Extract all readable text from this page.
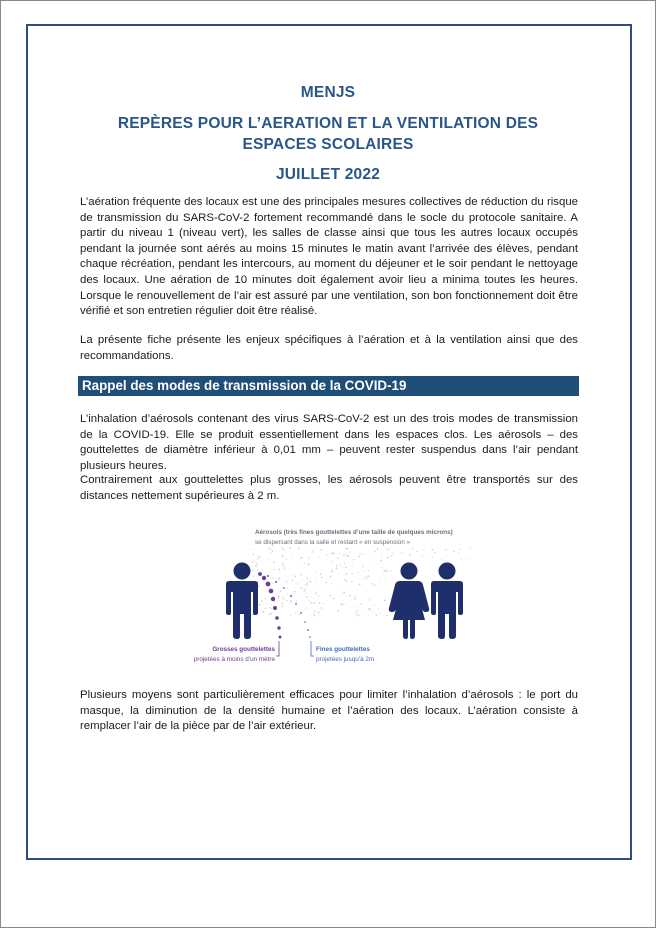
MENJS
REPÈRES POUR L’AERATION ET LA VENTILATION DES
ESPACES SCOLAIRES
JUILLET 2022

L’aération fréquente des locaux est une des principales mesures collectives de réduction du risque de transmission du SARS-CoV-2 fortement recommandé dans le socle du protocole sanitaire. A partir du niveau 1 (niveau vert), les salles de classe ainsi que tous les autres locaux occupés pendant la journée sont aérés au moins 15 minutes le matin avant l’arrivée des élèves, pendant chaque récréation, pendant les intercours, au moment du déjeuner et le soir pendant le nettoyage des locaux. Une aération de 10 minutes doit également avoir lieu a minima toutes les heures. Lorsque le renouvellement de l’air est assuré par une ventilation, son bon fonctionnement doit être vérifié et son entretien régulier doit être réalisé.

La présente fiche présente les enjeux spécifiques à l’aération et à la ventilation ainsi que des recommandations.

Rappel des modes de transmission de la COVID-19

L’inhalation d’aérosols contenant des virus SARS-CoV-2 est un des trois modes de transmission de la COVID-19. Elle se produit essentiellement dans les espaces clos. Les aérosols – des gouttelettes de diamètre inférieur à 0,01 mm – peuvent rester suspendus dans l’air pendant plusieurs heures.

Contrairement aux gouttelettes plus grosses, les aérosols peuvent être transportés sur des distances nettement supérieures à 2 m.

Aérosols (très fines gouttelettes d’une taille de quelques microns)
se dispersant dans la salle et restant « en suspension »
Grosses gouttelettes
projetées à moins d’un mètre
Fines gouttelettes
projetées jusqu’à 2m

Plusieurs moyens sont particulièrement efficaces pour limiter l’inhalation d’aérosols : le port du masque, la diminution de la densité humaine et l’aération des locaux. L’aération consiste à remplacer l’air de la pièce par de l’air extérieur.
